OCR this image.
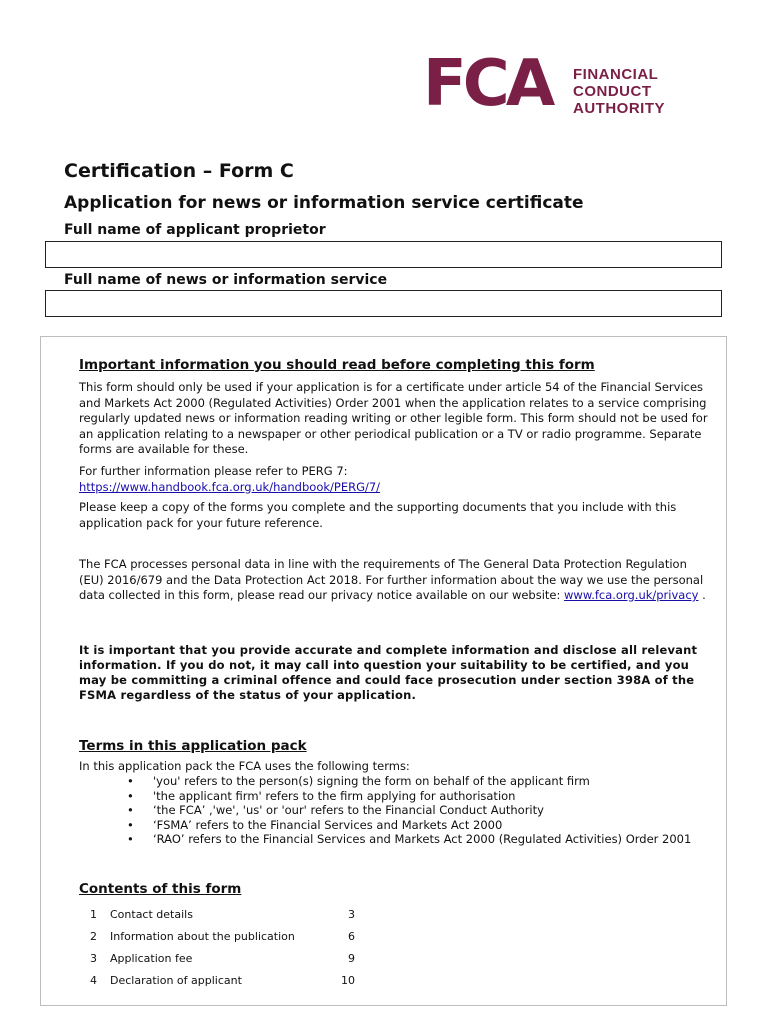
FCA FINANCIAL
CONDUCT
AUTHORITY
Certification – Form C
Application for news or information service certificate
Full name of applicant proprietor
Full name of news or information service
Important information you should read before completing this form
This form should only be used if your application is for a certificate under article 54 of the Financial Services and Markets Act 2000 (Regulated Activities) Order 2001 when the application relates to a service comprising regularly updated news or information reading writing or other legible form. This form should not be used for an application relating to a newspaper or other periodical publication or a TV or radio programme. Separate forms are available for these.
For further information please refer to PERG 7:
https://www.handbook.fca.org.uk/handbook/PERG/7/
Please keep a copy of the forms you complete and the supporting documents that you include with this application pack for your future reference.
The FCA processes personal data in line with the requirements of The General Data Protection Regulation (EU) 2016/679 and the Data Protection Act 2018. For further information about the way we use the personal data collected in this form, please read our privacy notice available on our website: www.fca.org.uk/privacy .
It is important that you provide accurate and complete information and disclose all relevant information. If you do not, it may call into question your suitability to be certified, and you may be committing a criminal offence and could face prosecution under section 398A of the FSMA regardless of the status of your application.
Terms in this application pack
In this application pack the FCA uses the following terms:
• 'you' refers to the person(s) signing the form on behalf of the applicant firm
• 'the applicant firm' refers to the firm applying for authorisation
• ‘the FCA’ ,'we', 'us' or 'our' refers to the Financial Conduct Authority
• ‘FSMA’ refers to the Financial Services and Markets Act 2000
• ‘RAO’ refers to the Financial Services and Markets Act 2000 (Regulated Activities) Order 2001
Contents of this form
1	Contact details	3
2	Information about the publication	6
3	Application fee	9
4	Declaration of applicant	10
